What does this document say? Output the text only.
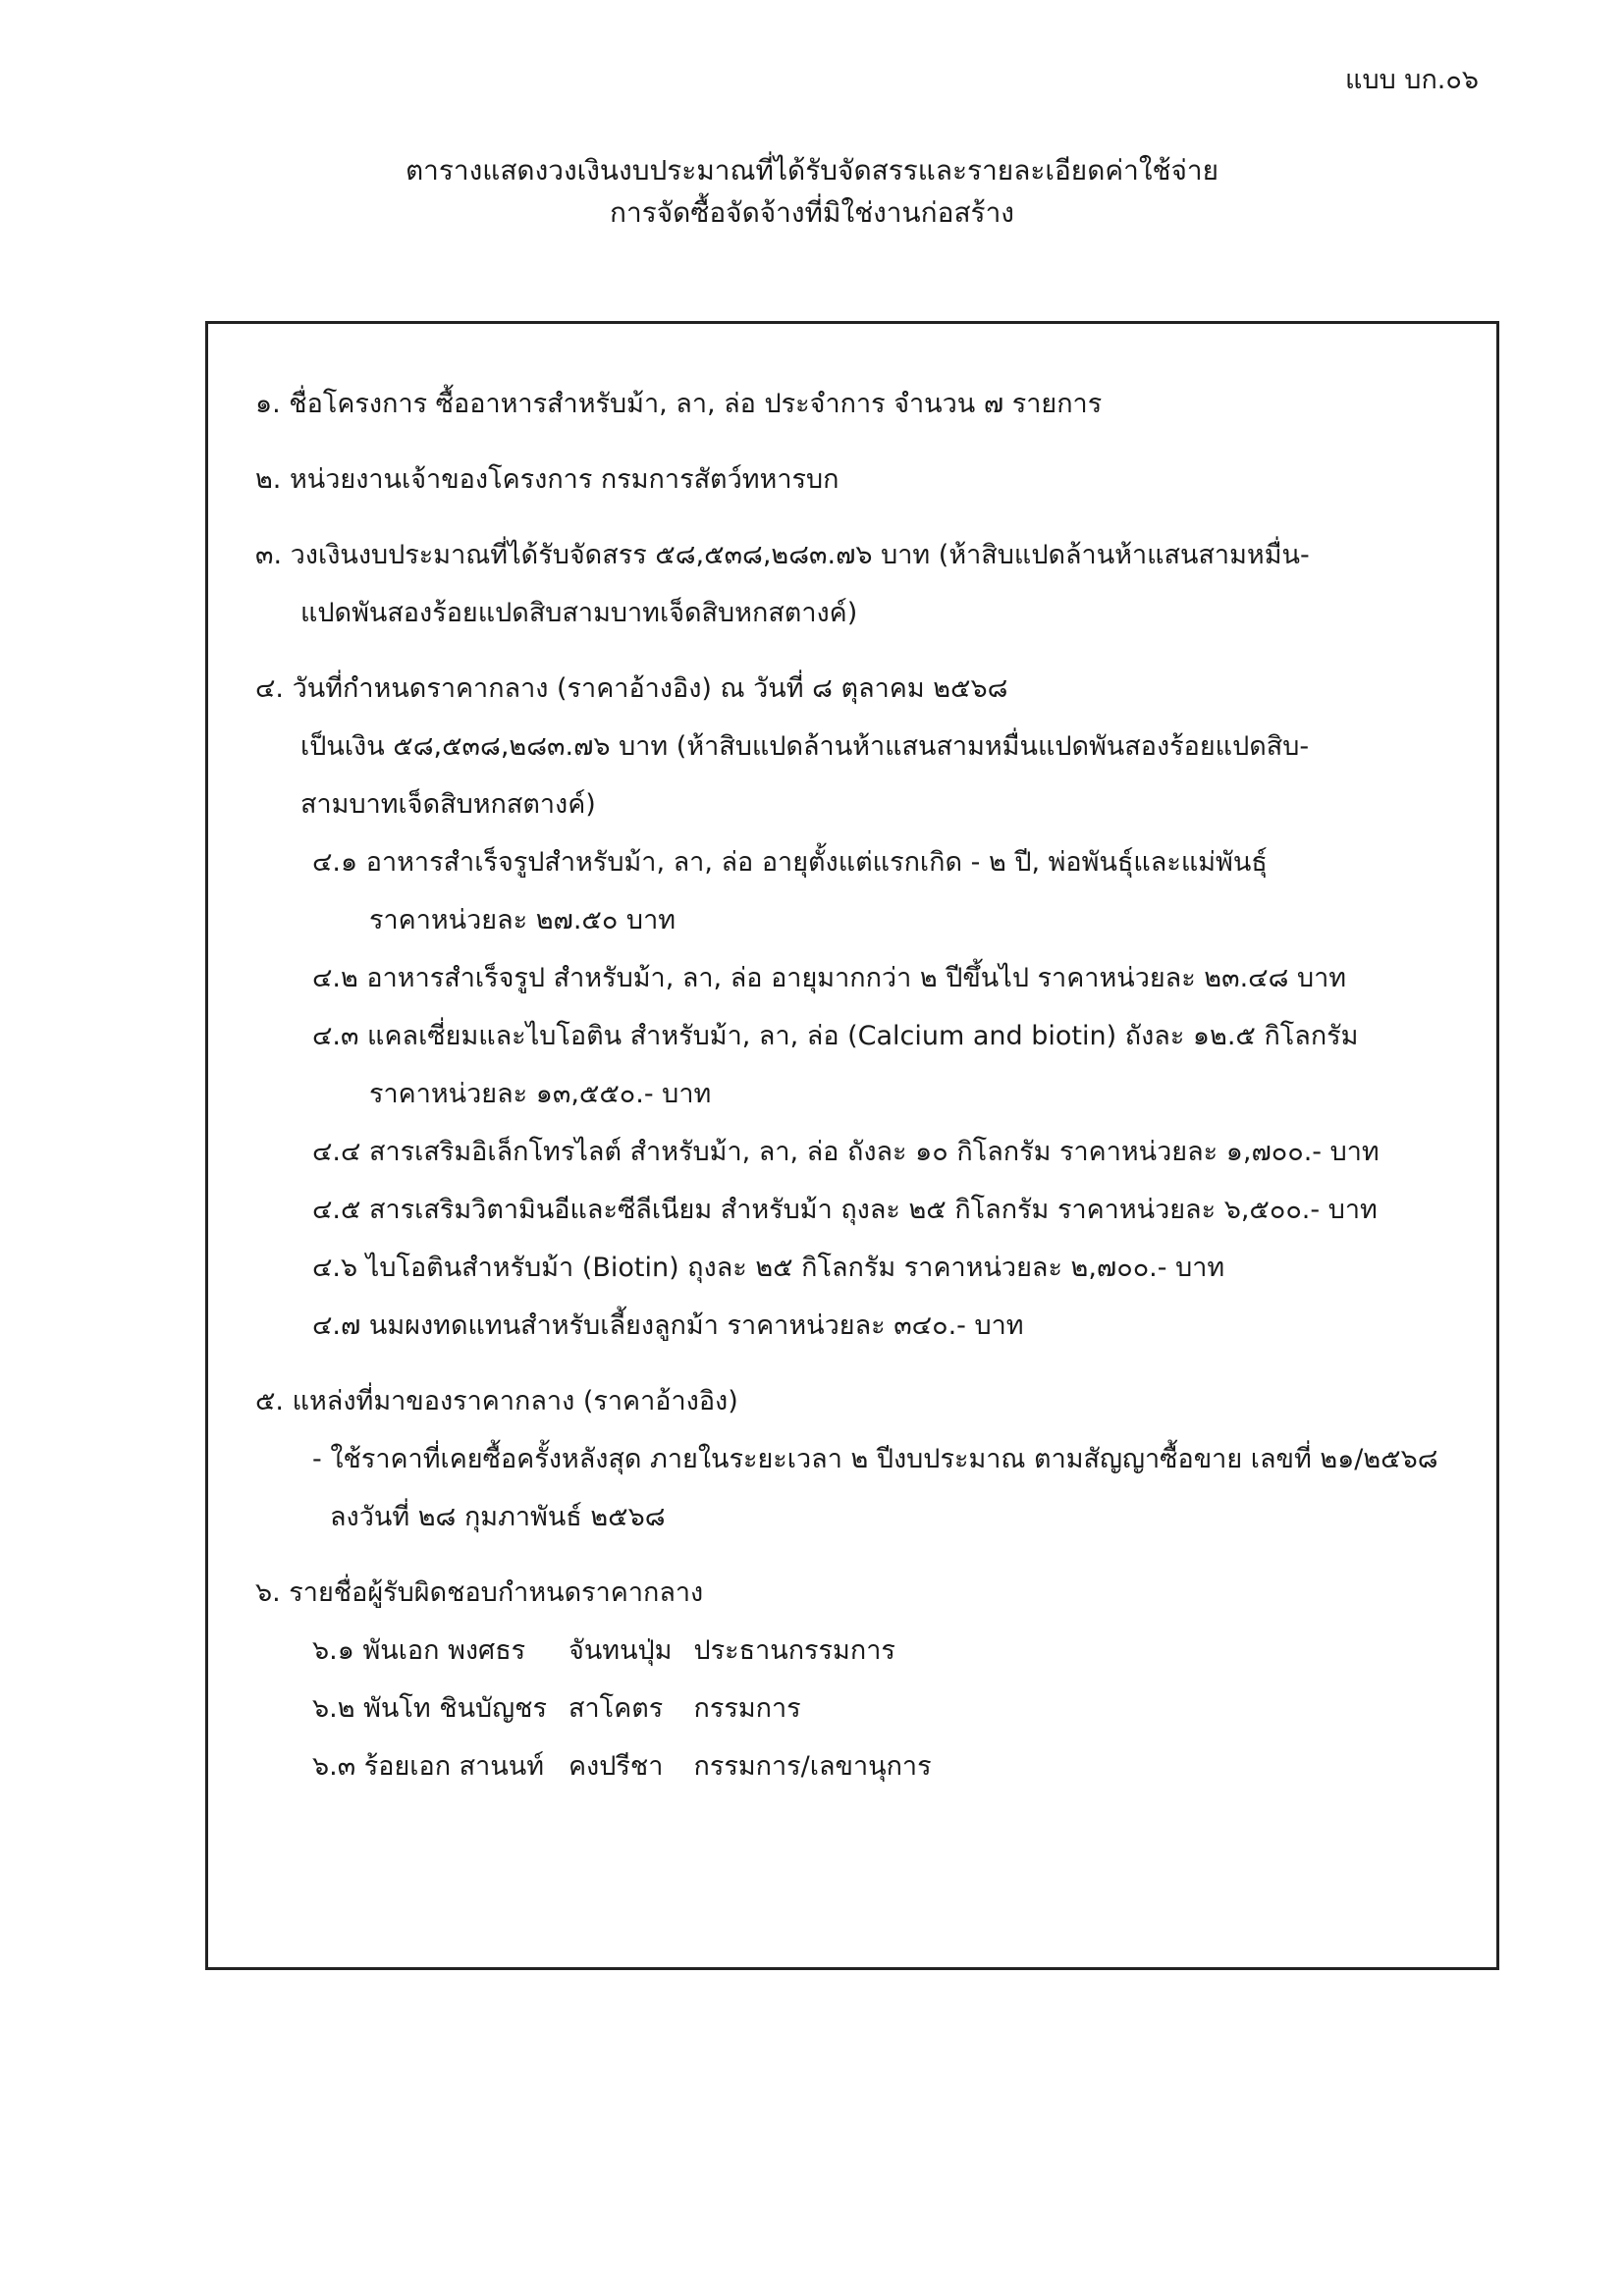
แบบ บก.๐๖
ตารางแสดงวงเงินงบประมาณที่ได้รับจัดสรรและรายละเอียดค่าใช้จ่าย
การจัดซื้อจัดจ้างที่มิใช่งานก่อสร้าง
๑. ชื่อโครงการ ซื้ออาหารสำหรับม้า, ลา, ล่อ ประจำการ จำนวน ๗ รายการ
๒. หน่วยงานเจ้าของโครงการ กรมการสัตว์ทหารบก
๓. วงเงินงบประมาณที่ได้รับจัดสรร ๕๘,๕๓๘,๒๘๓.๗๖ บาท (ห้าสิบแปดล้านห้าแสนสามหมื่น-
แปดพันสองร้อยแปดสิบสามบาทเจ็ดสิบหกสตางค์)
๔. วันที่กำหนดราคากลาง (ราคาอ้างอิง) ณ วันที่ ๘ ตุลาคม ๒๕๖๘
เป็นเงิน ๕๘,๕๓๘,๒๘๓.๗๖ บาท (ห้าสิบแปดล้านห้าแสนสามหมื่นแปดพันสองร้อยแปดสิบ-
สามบาทเจ็ดสิบหกสตางค์)
๔.๑ อาหารสำเร็จรูปสำหรับม้า, ลา, ล่อ อายุตั้งแต่แรกเกิด - ๒ ปี, พ่อพันธุ์และแม่พันธุ์
ราคาหน่วยละ ๒๗.๕๐ บาท
๔.๒ อาหารสำเร็จรูป สำหรับม้า, ลา, ล่อ อายุมากกว่า ๒ ปีขึ้นไป ราคาหน่วยละ ๒๓.๔๘ บาท
๔.๓ แคลเซี่ยมและไบโอติน สำหรับม้า, ลา, ล่อ (Calcium and biotin) ถังละ ๑๒.๕ กิโลกรัม
ราคาหน่วยละ ๑๓,๕๕๐.- บาท
๔.๔ สารเสริมอิเล็กโทรไลต์ สำหรับม้า, ลา, ล่อ ถังละ ๑๐ กิโลกรัม ราคาหน่วยละ ๑,๗๐๐.- บาท
๔.๕ สารเสริมวิตามินอีและซีลีเนียม สำหรับม้า ถุงละ ๒๕ กิโลกรัม ราคาหน่วยละ ๖,๕๐๐.- บาท
๔.๖ ไบโอตินสำหรับม้า (Biotin) ถุงละ ๒๕ กิโลกรัม ราคาหน่วยละ ๒,๗๐๐.- บาท
๔.๗ นมผงทดแทนสำหรับเลี้ยงลูกม้า ราคาหน่วยละ ๓๔๐.- บาท
๕. แหล่งที่มาของราคากลาง (ราคาอ้างอิง)
- ใช้ราคาที่เคยซื้อครั้งหลังสุด ภายในระยะเวลา ๒ ปีงบประมาณ ตามสัญญาซื้อขาย เลขที่ ๒๑/๒๕๖๘
ลงวันที่ ๒๘ กุมภาพันธ์ ๒๕๖๘
๖. รายชื่อผู้รับผิดชอบกำหนดราคากลาง
๖.๑ พันเอก พงศธร	จันทนปุ่ม	ประธานกรรมการ
๖.๒ พันโท ชินบัญชร	สาโคตร	กรรมการ
๖.๓ ร้อยเอก สานนท์	คงปรีชา	กรรมการ/เลขานุการ
